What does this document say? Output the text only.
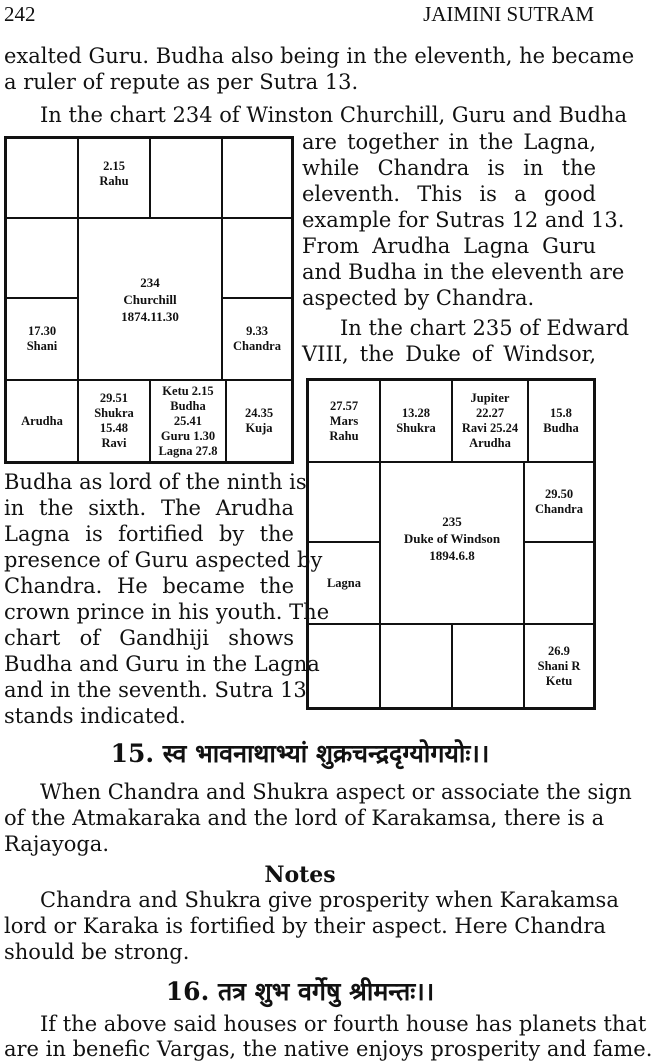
242	JAIMINI SUTRAM
exalted Guru. Budha also being in the eleventh, he became
a ruler of repute as per Sutra 13.
In the chart 234 of Winston Churchill, Guru and Budha
2.15
Rahu
17.30
Shani
9.33
Chandra
234
Churchill
1874.11.30
Arudha
29.51
Shukra
15.48
Ravi
Ketu 2.15
Budha
25.41
Guru 1.30
Lagna 27.8
24.35
Kuja
are together in the Lagna,
while Chandra is in the
eleventh. This is a good
example for Sutras 12 and 13.
From Arudha Lagna Guru
and Budha in the eleventh are
aspected by Chandra.
In the chart 235 of Edward
VIII, the Duke of Windsor,
27.57
Mars
Rahu
13.28
Shukra
Jupiter
22.27
Ravi 25.24
Arudha
15.8
Budha
29.50
Chandra
Lagna
235
Duke of Windson
1894.6.8
26.9
Shani R
Ketu
Budha as lord of the ninth is
in the sixth. The Arudha
Lagna is fortified by the
presence of Guru aspected by
Chandra. He became the
crown prince in his youth. The
chart of Gandhiji shows
Budha and Guru in the Lagna
and in the seventh. Sutra 13
stands indicated.
15. स्व भावनाथाभ्यां शुक्रचन्द्रदृग्योगयोः।।
When Chandra and Shukra aspect or associate the sign
of the Atmakaraka and the lord of Karakamsa, there is a
Rajayoga.
Notes
Chandra and Shukra give prosperity when Karakamsa
lord or Karaka is fortified by their aspect. Here Chandra
should be strong.
16. तत्र शुभ वर्गेषु श्रीमन्तः।।
If the above said houses or fourth house has planets that
are in benefic Vargas, the native enjoys prosperity and fame.
